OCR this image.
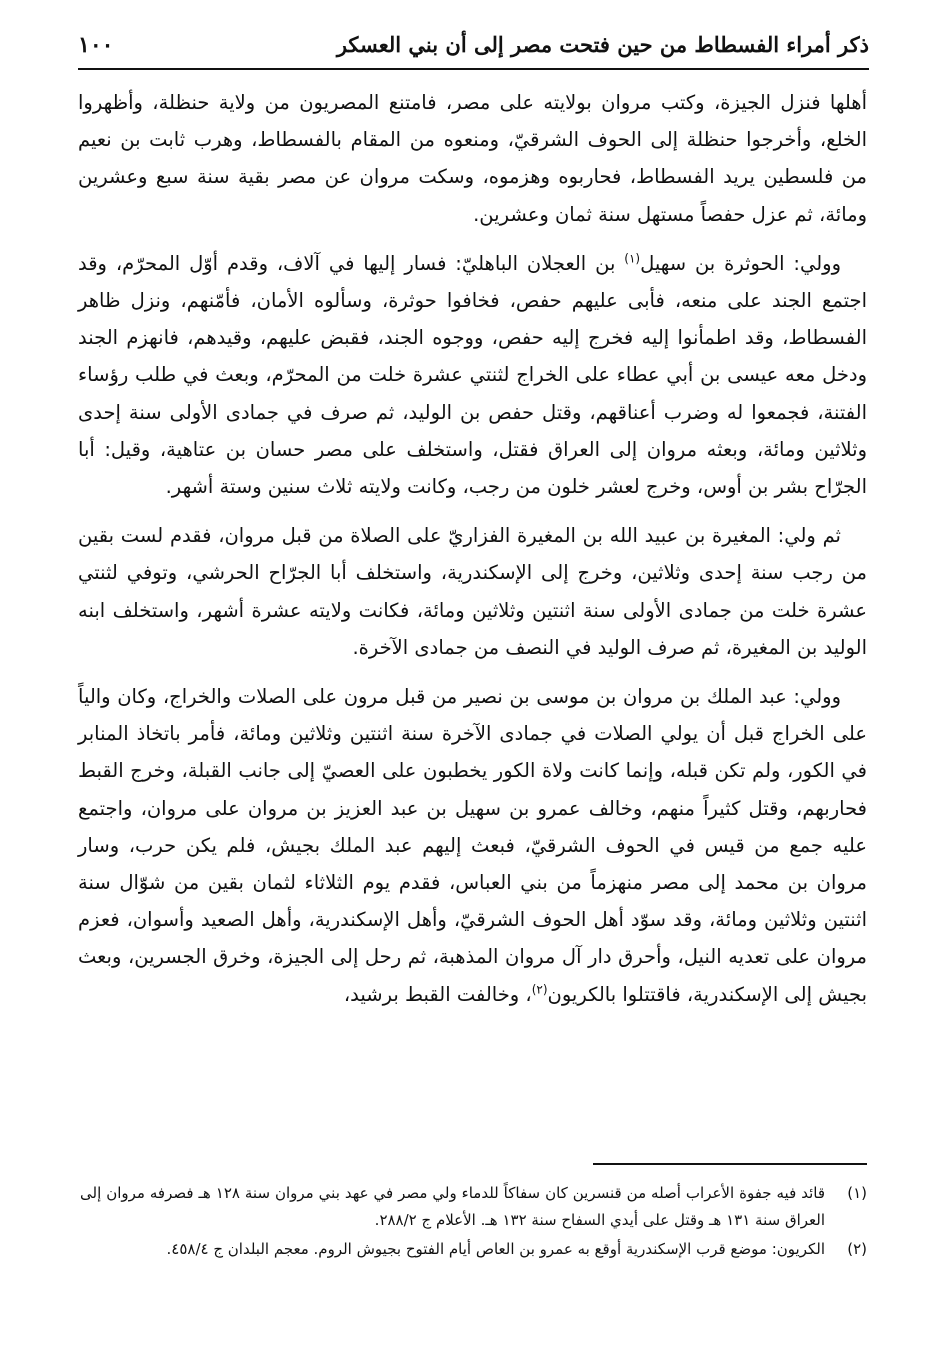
ذكر أمراء الفسطاط من حين فتحت مصر إلى أن بني العسكر
١٠٠

أهلها فنزل الجيزة، وكتب مروان بولايته على مصر، فامتنع المصريون من ولاية حنظلة، وأظهروا الخلع، وأخرجوا حنظلة إلى الحوف الشرقيّ، ومنعوه من المقام بالفسطاط، وهرب ثابت بن نعيم من فلسطين يريد الفسطاط، فحاربوه وهزموه، وسكت مروان عن مصر بقية سنة سبع وعشرين ومائة، ثم عزل حفصاً مستهل سنة ثمان وعشرين.

وولي: الحوثرة بن سهيل$^{(١)}$ بن العجلان الباهليّ: فسار إليها في آلاف، وقدم أوّل المحرّم، وقد اجتمع الجند على منعه، فأبى عليهم حفص، فخافوا حوثرة، وسألوه الأمان، فأمّنهم، ونزل ظاهر الفسطاط، وقد اطمأنوا إليه فخرج إليه حفص، ووجوه الجند، فقبض عليهم، وقيدهم، فانهزم الجند ودخل معه عيسى بن أبي عطاء على الخراج لثنتي عشرة خلت من المحرّم، وبعث في طلب رؤساء الفتنة، فجمعوا له وضرب أعناقهم، وقتل حفص بن الوليد، ثم صرف في جمادى الأولى سنة إحدى وثلاثين ومائة، وبعثه مروان إلى العراق فقتل، واستخلف على مصر حسان بن عتاهية، وقيل: أبا الجرّاح بشر بن أوس، وخرج لعشر خلون من رجب، وكانت ولايته ثلاث سنين وستة أشهر.

ثم ولي: المغيرة بن عبيد الله بن المغيرة الفزاريّ على الصلاة من قبل مروان، فقدم لست بقين من رجب سنة إحدى وثلاثين، وخرج إلى الإسكندرية، واستخلف أبا الجرّاح الحرشي، وتوفي لثنتي عشرة خلت من جمادى الأولى سنة اثنتين وثلاثين ومائة، فكانت ولايته عشرة أشهر، واستخلف ابنه الوليد بن المغيرة، ثم صرف الوليد في النصف من جمادى الآخرة.

وولي: عبد الملك بن مروان بن موسى بن نصير من قبل مرون على الصلات والخراج، وكان والياً على الخراج قبل أن يولي الصلات في جمادى الآخرة سنة اثنتين وثلاثين ومائة، فأمر باتخاذ المنابر في الكور، ولم تكن قبله، وإنما كانت ولاة الكور يخطبون على العصيّ إلى جانب القبلة، وخرج القبط فحاربهم، وقتل كثيراً منهم، وخالف عمرو بن سهيل بن عبد العزيز بن مروان على مروان، واجتمع عليه جمع من قيس في الحوف الشرقيّ، فبعث إليهم عبد الملك بجيش، فلم يكن حرب، وسار مروان بن محمد إلى مصر منهزماً من بني العباس، فقدم يوم الثلاثاء لثمان بقين من شوّال سنة اثنتين وثلاثين ومائة، وقد سوّد أهل الحوف الشرقيّ، وأهل الإسكندرية، وأهل الصعيد وأسوان، فعزم مروان على تعديه النيل، وأحرق دار آل مروان المذهبة، ثم رحل إلى الجيزة، وخرق الجسرين، وبعث بجيش إلى الإسكندرية، فاقتتلوا بالكريون$^{(٢)}$، وخالفت القبط برشيد،

(١)
قائد فيه جفوة الأعراب أصله من قنسرين كان سفاكاً للدماء ولي مصر في عهد بني مروان سنة ١٢٨ هـ فصرفه مروان إلى العراق سنة ١٣١ هـ وقتل على أيدي السفاح سنة ١٣٢ هـ. الأعلام ج ٢٨٨/٢.
(٢)
الكريون: موضع قرب الإسكندرية أوقع به عمرو بن العاص أيام الفتوح بجيوش الروم. معجم البلدان ج ٤٥٨/٤.
